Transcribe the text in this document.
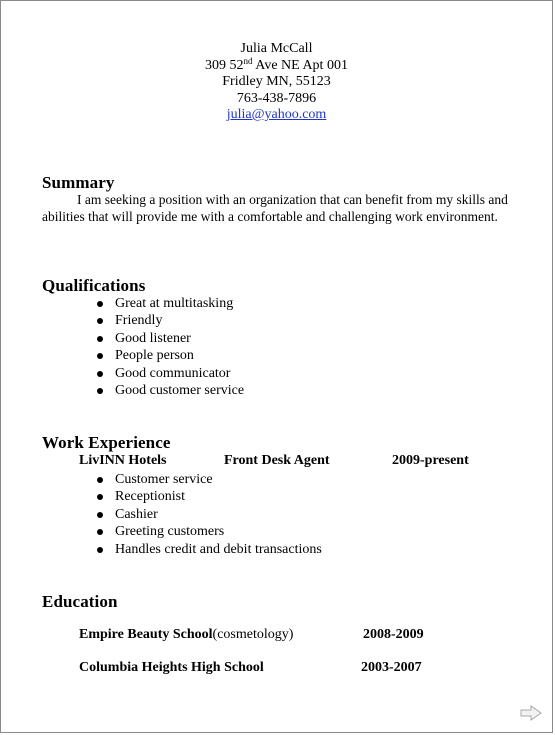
Julia McCall
309 52nd Ave NE Apt 001
Fridley MN, 55123
763-438-7896
julia@yahoo.com
Summary
I am seeking a position with an organization that can benefit from my skills and abilities that will provide me with a comfortable and challenging work environment.
Qualifications
Great at multitasking
Friendly
Good listener
People person
Good communicator
Good customer service
Work Experience
LivINN Hotels	Front Desk Agent	2009-present
Customer service
Receptionist
Cashier
Greeting customers
Handles credit and debit transactions
Education
Empire Beauty School(cosmetology)	2008-2009
Columbia Heights High School	2003-2007
